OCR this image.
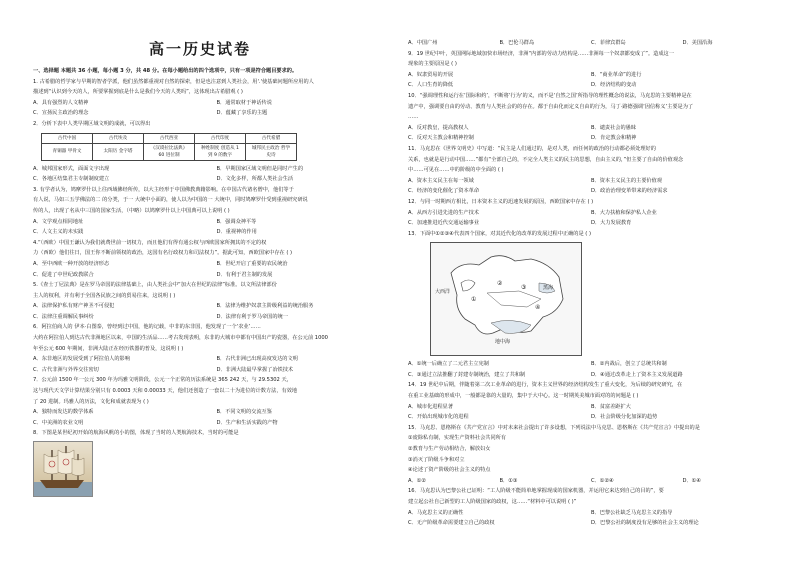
高一历史试卷
一、选择题 本题共 36 小题，每小题 3 分，共 48 分。在每小题给出的四个选项中，只有一项是符合题目要求的。
1. 古希腊的哲学家与早期的智者学派，他们虽然都重视对自然的探索，但是也注意到人类社会，用'.'使基础问题所应用的人
描述到“认识到今天的人，所要掌握到底是什么是我们今天的人类吗”，这体现出古希腊观 ( )
A．具有强烈的人文精神	B．通常取材于神话传说
C．宣扬民主政治的理念	D．蕴藏了享乐的主题
2．分析下表中人类早期区域文明的成就，可以得出
古代中国	古代埃及	古代西亚	古代印度	古代希腊
青铜器 甲骨文	太阳历 金字塔	《汉谟拉比法典》 60 进位制	种姓制度 创造从 1 到 9 的数字	城邦民主政治 哲学 史诗
A．城邦国家形式，面面文字出现	B．早期国家区域文明但是同时产生的
C．各地区结集君主专制制度建立	D．文化多样，所都人类社会生活
3. 有学者认为，鸠摩罗什以上往西域佛经所传，以大主经形于中国佛教典籍影响。在中国古代诸名僧中，他们等于
有人说，马如三五学佛法的二 的分类，于一 大统中小面的，使人以为中国的一 大统中，同时鸠摩罗什受到重视研究研说
传的人，出现了名从中三国的国家生活，（中略）以鸠摩罗什以上中国典可以上说明 ( )
A．文学观点相同地址	B．强调众神平等
C．人文主义的未实践	D．重视神的作用
4.“（西欧）中国王谦认为我们就费世前一切权力，而且他们有得有通公权与西欧国家所拥其的不定的权
力（西欧）他们往日，国王你不断前领权的政治，这国有名行政权力和司法权力”。据此可知，西欧国家中存在 ( )
A．至中西欧一种开放的经济形态	B．世纪开启了重要的农民统治
C．促进了中世纪政教联合	D．有利于君主制的发展
5.《查士丁尼法典》是在罗马帝国的法律基础上，由人类社会中“加大在世纪的法律”标准。以文所法律部份
主人的权利，并有利于全国各民族之间的贸易往来，这说明 ( )
A．法律保护私有财产神圣不可侵犯	B．法律为维护奴隶主阶级利益的统治服务
C．法律注重调解民事纠纷	D．法律有利于罗马帝国的统一
6．阿拉伯商人的 伊本·白图泰，曾经到过中国，他的记载，中非的东非国，他发现了一个‘农业’……
大约在阿拉伯人到达古代非洲地区以来，中国的生活品……考古发现表明，东非的大城市中都有中国出产的瓷器，在公元前 1000
年至公元 600 年期间，非洲大陆正在经历铁器的普及，这说明 ( )
A．东非地区的发展受到了阿拉伯人的影响	B．古代非洲已出现高度发达的文明
C．古代非洲与外界交往密切	D．非洲大陆最早掌握了冶铁技术
7．公元前 1500 年一公元 300 年为玛雅文明阶段，公元一个正常的历法系统是 365 242 天，与 29.5302 天，
这与现代天文学计算结果分别只有 0.0003 天和 0.00033 天，他们还创造了一套以二十为进位的计数方法，有效地
了 20 进制。玛雅人的历法，文化和成就表现为 ( )
A．独特而发达的数学体系	B．不同文明的交流互鉴
C．中美洲的农业文明	D．生产和生活实践的产物
8．下图是某世纪初开始的航海风帆的小的图，体现了当时的人类航海技术，当时的可能是
A．中国广州	B．巴伦马群岛	C．菲律宾群岛	D．美国沿海
9．19 世纪中叶，英国网际地域加快市场经济，非洲“内部的劳动力结构是……非洲每一个奴隶都变成了”。造成这一
现象的主要原因是 ( )
A．奴隶贸易的开展	B．“商业革命”的进行
C．人口生育的降低	D．经济结构的变动
10．“强调理性和运行在‘国际和约’，不断将‘行为’的义，而不是‘自然之国’所指导的理性概念的说法，马克思的主要精神是在
遗产中，强调要自由的劳动、教育与人类社会的的存在。都于自由化而定义自由的行为，马丁·路德强调‘因信称义’主要是为了
……
A．反对教皇，提高教权人	B．谴责社会的愚昧
C．反对天主教会和精神控制	D．肯定教会和精神
11．马克思在《世界文明史》中写道：“民主是人们通过的，是对人类，而任何的政治的行动都必须处理好的
关系，也就是是行动中国……”都有“全部自己的，不完全人类主义的民主的思想，自由主义的，”但主要了自由的价值观念
中……可见在……中的阶级的中全面的 ( )
A．资本主义民主在每一领域	B．资本主义民主的主要价值观
C．经济的变化催化了资本革命	D．政治治理变革带来的经济需求
12．与同一时期西方相比，日本资本主义的迅速发展的原因，西欧国家中存在 ( )
A．从西方引进先进的生产技术	B．大力扶植和保护私人企业
C．加速推进近代交通运输事业	D．大力发展教育
13．下面中①②③④代表四个国家，对其近代化的改革的发展过程中正确的是 ( )
①
②
③
④
大西洋
地中海
黑海
A．①统一后确立了二元君主立宪制	B．②内战后，创立了总统共和制
C．③通过立法推翻了封建专制统治，建立了共和制	D．④通过改革走上了资本主义发展道路
14．19 世纪中后期，伴随着第二次工业革命的进行，资本主义世界的经济结构发生了重大变化，为后续的研究研究，在
在重工业基础的形成中，一般都是靠的大量的，集中于大中心。这一时期英美城市面对的的问题是 ( )
A．城市化进程显著	B．贫富差距扩大
C．开始出现城市化的进程	D．社会阶级分化加深的趋势
15．马克思、恩格斯在《共产党宣言》中对未来社会提出了许多设想，下列说法中马克思、恩格斯在《共产党宣言》中提出的是
①废除私有制，实现生产资料社会共同所有
②教育与生产劳动相结合，解放妇女
③消灭了阶级斗争和对立
④论述了资产阶级的社会主义的特点
A．①②	B．①③	C．①②④	D．①④
16．马克思认为巴黎公社已证明：“工人阶级不能简单地掌握现成的国家机器，并运用它来达到自己的目的”，要
建立起公社自己新型的工人阶级国家的政权，这……“材料中可以说明 ( )”
A．马克思主义的正确性	B．巴黎公社缺乏马克思主义的指导
C．无产阶级革命需要建立自己的政权	D．巴黎公社的制度没有足够的社会主义的理论
